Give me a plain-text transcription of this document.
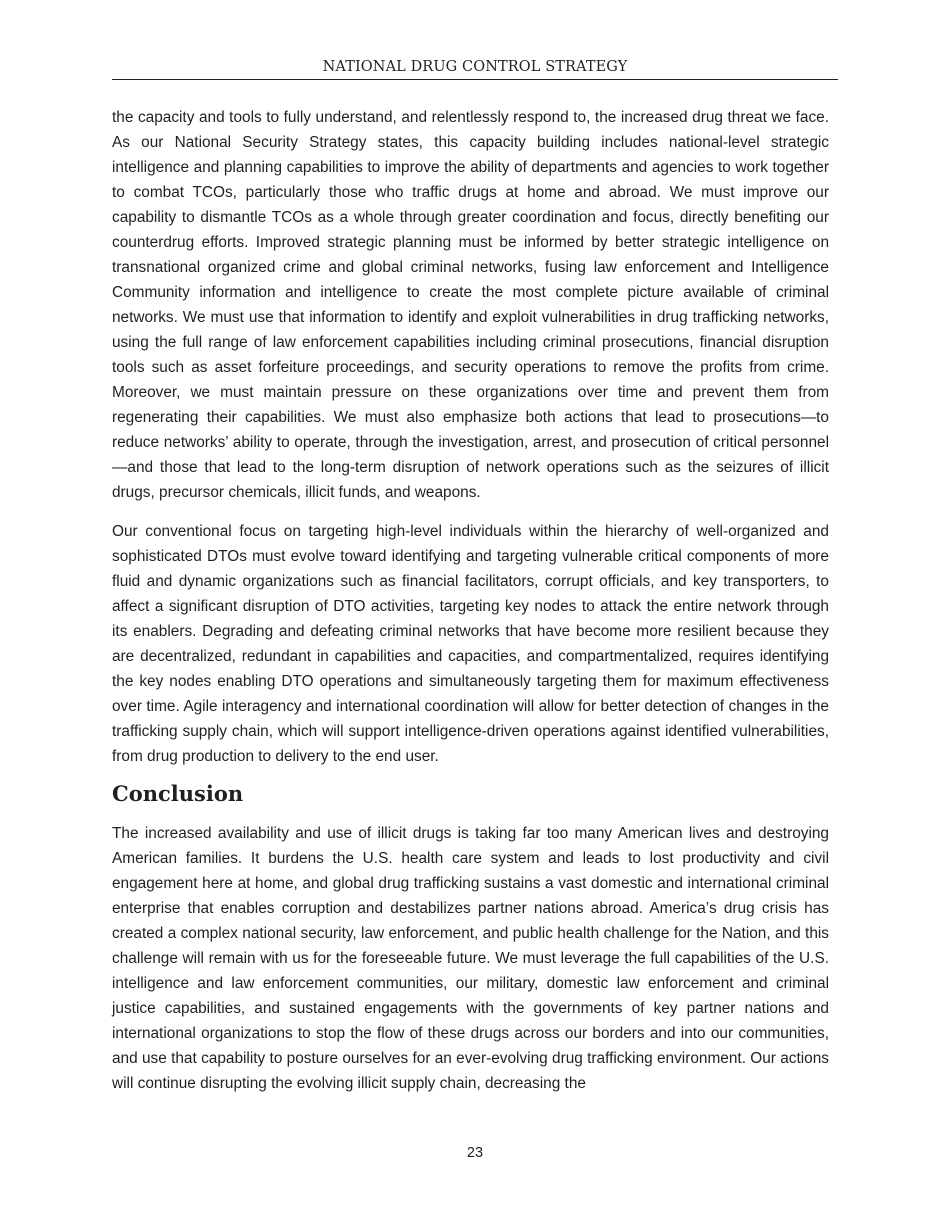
NATIONAL DRUG CONTROL STRATEGY

the capacity and tools to fully understand, and relentlessly respond to, the increased drug threat we face. As our National Security Strategy states, this capacity building includes national-level strategic intelligence and planning capabilities to improve the ability of departments and agencies to work together to combat TCOs, particularly those who traffic drugs at home and abroad. We must improve our capability to dismantle TCOs as a whole through greater coordination and focus, directly benefiting our counterdrug efforts. Improved strategic planning must be informed by better strategic intelligence on transnational organized crime and global criminal networks, fusing law enforcement and Intelligence Community information and intelligence to create the most complete picture available of criminal networks. We must use that information to identify and exploit vulnerabilities in drug trafficking networks, using the full range of law enforcement capabilities including criminal prosecutions, financial disruption tools such as asset forfeiture proceedings, and security operations to remove the profits from crime. Moreover, we must maintain pressure on these organizations over time and prevent them from regenerating their capabilities. We must also emphasize both actions that lead to prosecutions—to reduce networks’ ability to operate, through the investigation, arrest, and prosecution of critical personnel —and those that lead to the long-term disruption of network operations such as the seizures of illicit drugs, precursor chemicals, illicit funds, and weapons.

Our conventional focus on targeting high-level individuals within the hierarchy of well-organized and sophisticated DTOs must evolve toward identifying and targeting vulnerable critical components of more fluid and dynamic organizations such as financial facilitators, corrupt officials, and key transporters, to affect a significant disruption of DTO activities, targeting key nodes to attack the entire network through its enablers. Degrading and defeating criminal networks that have become more resilient because they are decentralized, redundant in capabilities and capacities, and compartmentalized, requires identifying the key nodes enabling DTO operations and simultaneously targeting them for maximum effectiveness over time. Agile interagency and international coordination will allow for better detection of changes in the trafficking supply chain, which will support intelligence-driven operations against identified vulnerabilities, from drug production to delivery to the end user.

Conclusion

The increased availability and use of illicit drugs is taking far too many American lives and destroying American families. It burdens the U.S. health care system and leads to lost productivity and civil engagement here at home, and global drug trafficking sustains a vast domestic and international criminal enterprise that enables corruption and destabilizes partner nations abroad. America’s drug crisis has created a complex national security, law enforcement, and public health challenge for the Nation, and this challenge will remain with us for the foreseeable future. We must leverage the full capabilities of the U.S. intelligence and law enforcement communities, our military, domestic law enforcement and criminal justice capabilities, and sustained engagements with the governments of key partner nations and international organizations to stop the flow of these drugs across our borders and into our communities, and use that capability to posture ourselves for an ever-evolving drug trafficking environment. Our actions will continue disrupting the evolving illicit supply chain, decreasing the

23
